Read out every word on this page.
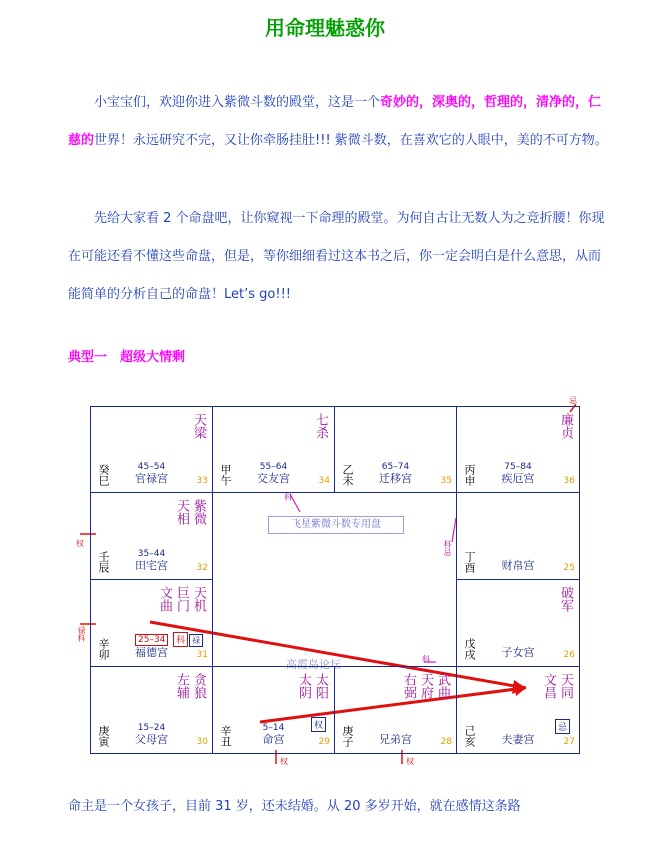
用命理魅惑你
小宝宝们，欢迎你进入紫微斗数的殿堂，这是一个奇妙的，深奥的，哲理的，清净的，仁慈的世界！永远研究不完，又让你牵肠挂肚!!! 紫微斗数，在喜欢它的人眼中，美的不可方物。
先给大家看 2 个命盘吧，让你窥视一下命理的殿堂。为何自古让无数人为之竞折腰！你现在可能还看不懂这些命盘，但是，等你细细看过这本书之后，你一定会明白是什么意思，从而能简单的分析自己的命盘！Let’s go!!!
典型一　超级大情剩
天梁
45–54
癸巳	官禄宫	33
七杀
55–64
甲午	交友宫	34
65–74
乙未	迁移宫	35
廉贞
忌
75–84
丙申	疾厄宫	36
紫微
天相
35–44
壬辰	田宅宫	32
权
丁酉	财帛宫	25
科忌
飞星紫微斗数专用盘
科
高霞岛论坛	科
天机
巨门
文曲
25–34	科 禄
辛卯	福德宫	31
禄科
破军
戊戌	子女宫	26
贪狼
左辅
15–24
庚寅	父母宫	30
太阳
太阴
权
5–14
辛丑	命宫	29
权
武曲
天府
右弼
庚子	兄弟宫	28
权
天同
文昌
忌
己亥	夫妻宫	27
命主是一个女孩子，目前 31 岁，还未结婚。从 20 多岁开始，就在感情这条路
